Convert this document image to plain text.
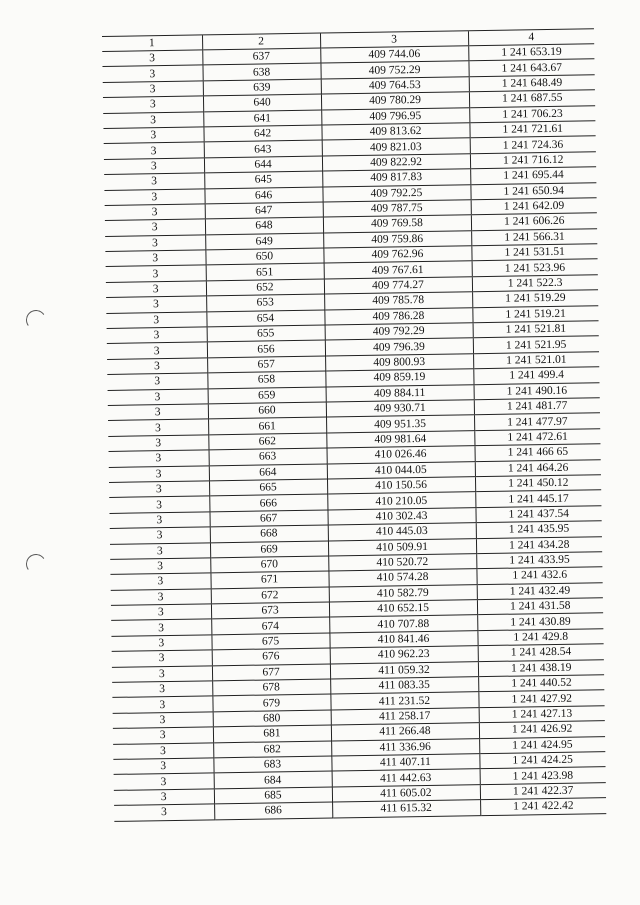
1	2	3	4
3	637	409 744.06	1 241 653.19
3	638	409 752.29	1 241 643.67
3	639	409 764.53	1 241 648.49
3	640	409 780.29	1 241 687.55
3	641	409 796.95	1 241 706.23
3	642	409 813.62	1 241 721.61
3	643	409 821.03	1 241 724.36
3	644	409 822.92	1 241 716.12
3	645	409 817.83	1 241 695.44
3	646	409 792.25	1 241 650.94
3	647	409 787.75	1 241 642.09
3	648	409 769.58	1 241 606.26
3	649	409 759.86	1 241 566.31
3	650	409 762.96	1 241 531.51
3	651	409 767.61	1 241 523.96
3	652	409 774.27	1 241 522.3
3	653	409 785.78	1 241 519.29
3	654	409 786.28	1 241 519.21
3	655	409 792.29	1 241 521.81
3	656	409 796.39	1 241 521.95
3	657	409 800.93	1 241 521.01
3	658	409 859.19	1 241 499.4
3	659	409 884.11	1 241 490.16
3	660	409 930.71	1 241 481.77
3	661	409 951.35	1 241 477.97
3	662	409 981.64	1 241 472.61
3	663	410 026.46	1 241 466 65
3	664	410 044.05	1 241 464.26
3	665	410 150.56	1 241 450.12
3	666	410 210.05	1 241 445.17
3	667	410 302.43	1 241 437.54
3	668	410 445.03	1 241 435.95
3	669	410 509.91	1 241 434.28
3	670	410 520.72	1 241 433.95
3	671	410 574.28	1 241 432.6
3	672	410 582.79	1 241 432.49
3	673	410 652.15	1 241 431.58
3	674	410 707.88	1 241 430.89
3	675	410 841.46	1 241 429.8
3	676	410 962.23	1 241 428.54
3	677	411 059.32	1 241 438.19
3	678	411 083.35	1 241 440.52
3	679	411 231.52	1 241 427.92
3	680	411 258.17	1 241 427.13
3	681	411 266.48	1 241 426.92
3	682	411 336.96	1 241 424.95
3	683	411 407.11	1 241 424.25
3	684	411 442.63	1 241 423.98
3	685	411 605.02	1 241 422.37
3	686	411 615.32	1 241 422.42
